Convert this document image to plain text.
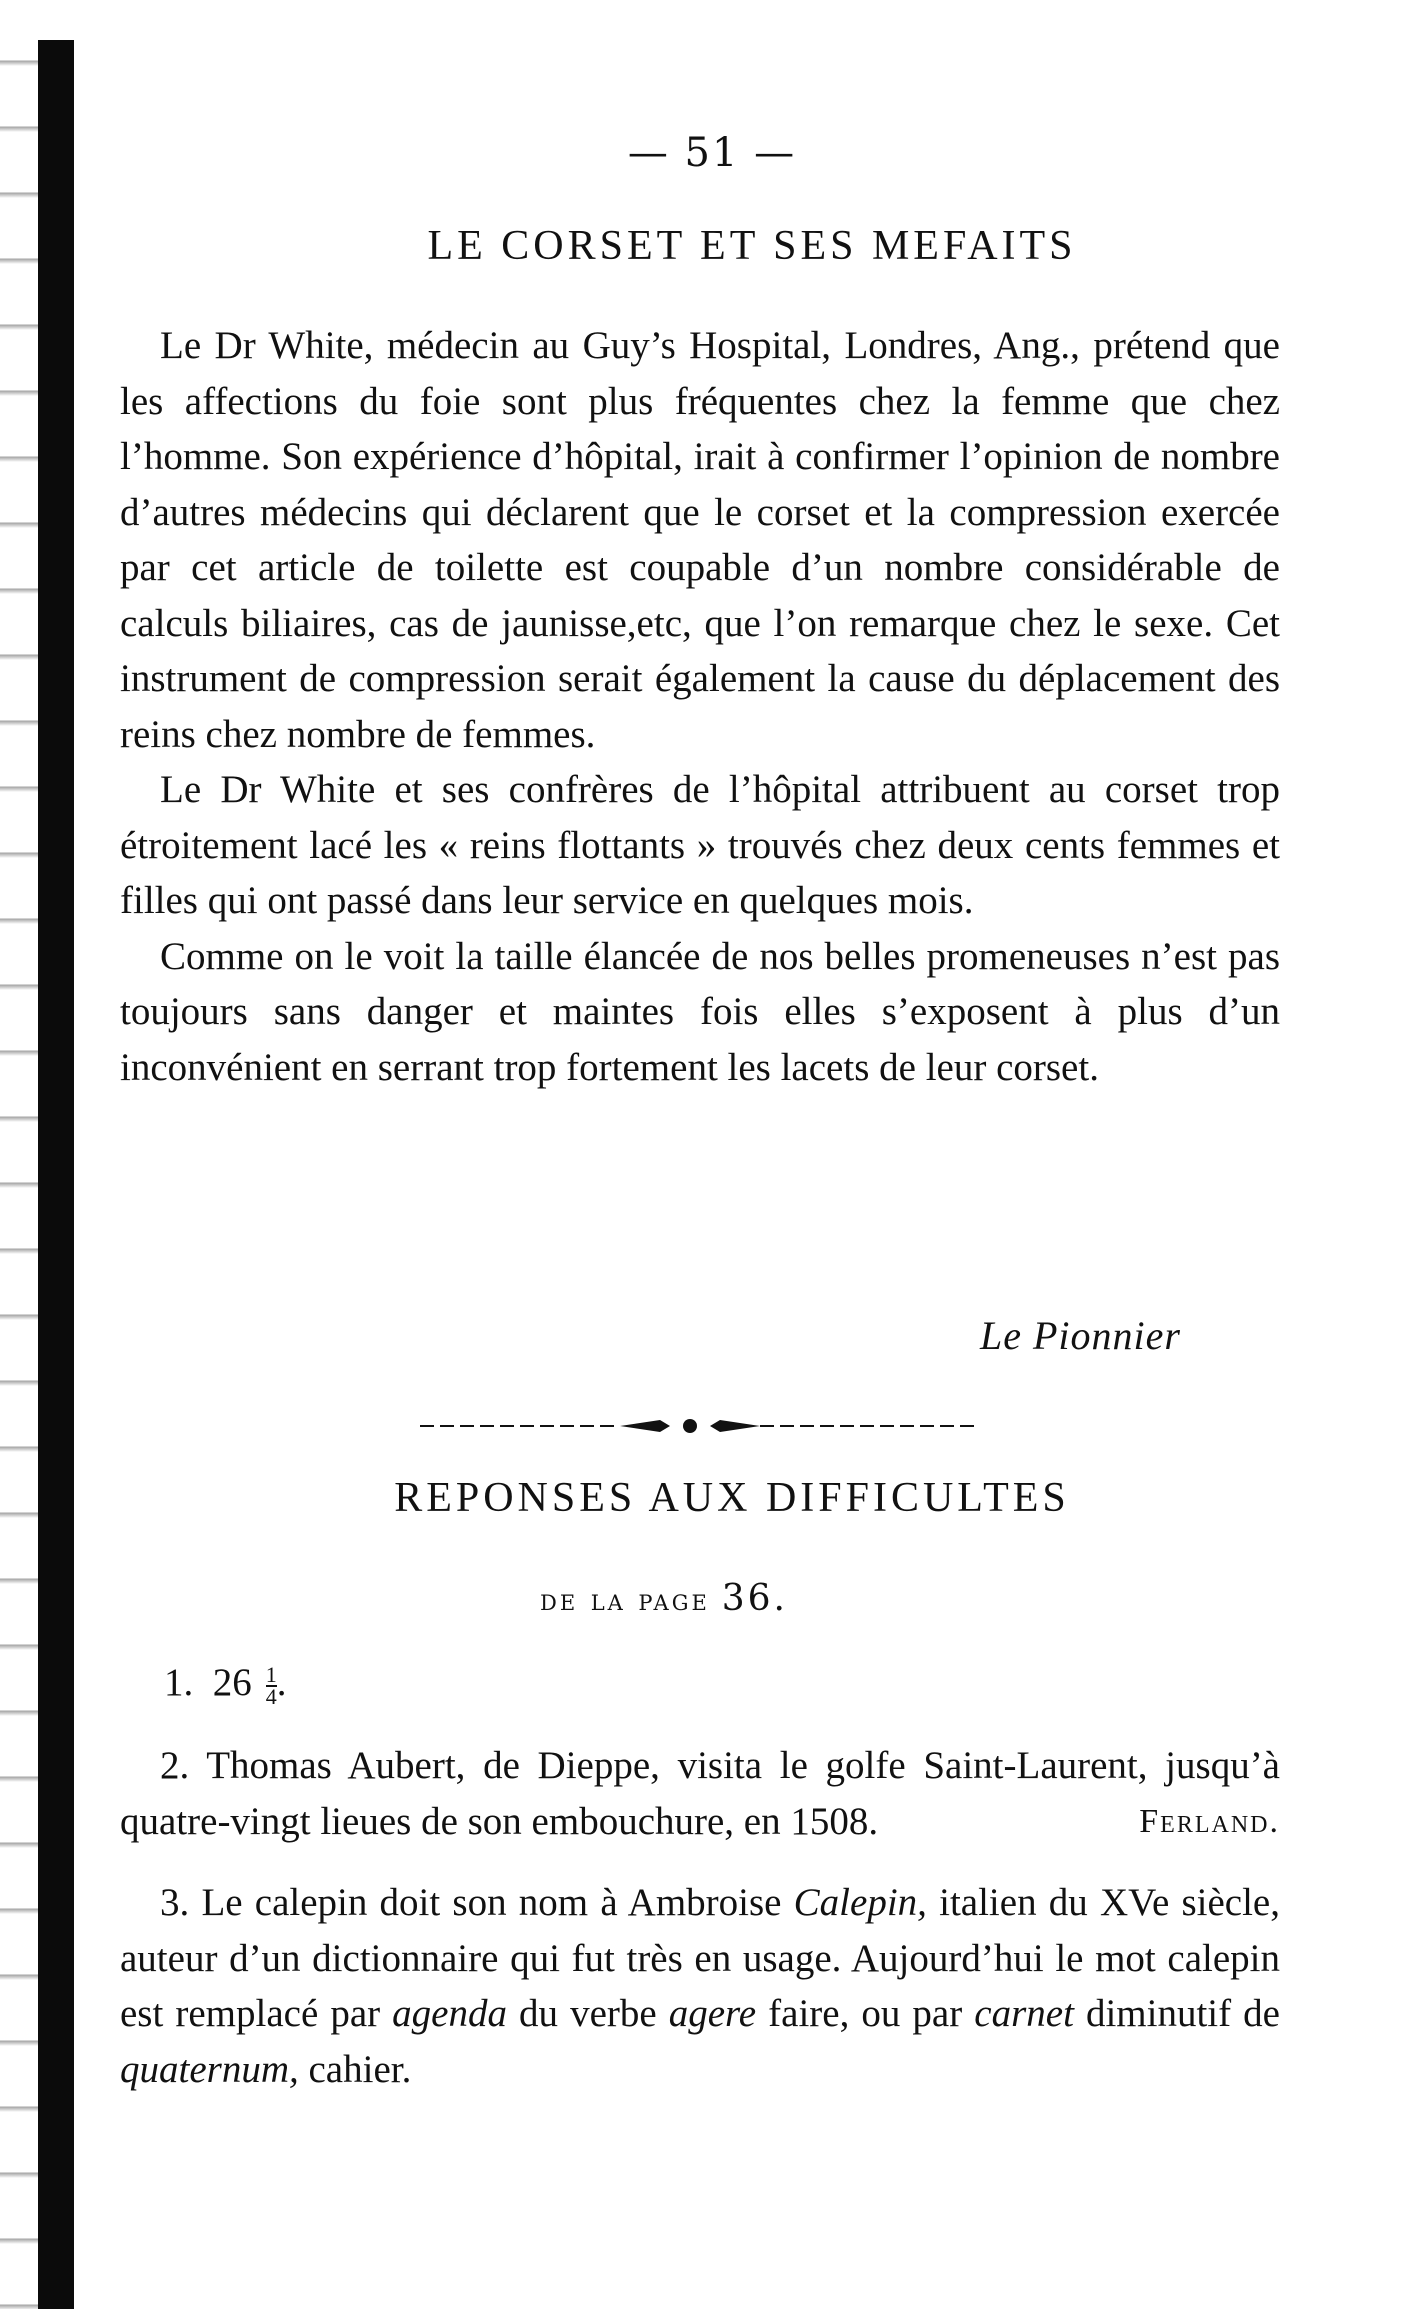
— 51 —
LE CORSET ET SES MEFAITS

Le Dr White, médecin au Guy’s Hospital, Londres, Ang., prétend que les affections du foie sont plus fréquentes chez la femme que chez l’homme. Son expérience d’hôpital, irait à confirmer l’opinion de nombre d’autres médecins qui déclarent que le corset et la compression exercée par cet article de toilette est coupable d’un nombre considérable de calculs biliaires, cas de jaunisse,etc, que l’on remarque chez le sexe. Cet instrument de compression serait également la cause du déplacement des reins chez nombre de femmes.

Le Dr White et ses confrères de l’hôpital attribuent au corset trop étroitement lacé les « reins flottants » trouvés chez deux cents femmes et filles qui ont passé dans leur service en quelques mois.

Comme on le voit la taille élancée de nos belles promeneuses n’est pas toujours sans danger et maintes fois elles s’exposent à plus d’un inconvénient en serrant trop fortement les lacets de leur corset.

Le Pionnier
REPONSES AUX DIFFICULTES
de la page 36.
1. $26 \frac{1}{4}$ .

2. Thomas Aubert, de Dieppe, visita le golfe Saint-Laurent, jusqu’à quatre-vingt lieues de son embouchure, en 1508.	Ferland.

3. Le calepin doit son nom à Ambroise Calepin, italien du XVe siècle, auteur d’un dictionnaire qui fut très en usage. Aujourd’hui le mot calepin est remplacé par agenda du verbe agere faire, ou par carnet diminutif de quaternum, cahier.
